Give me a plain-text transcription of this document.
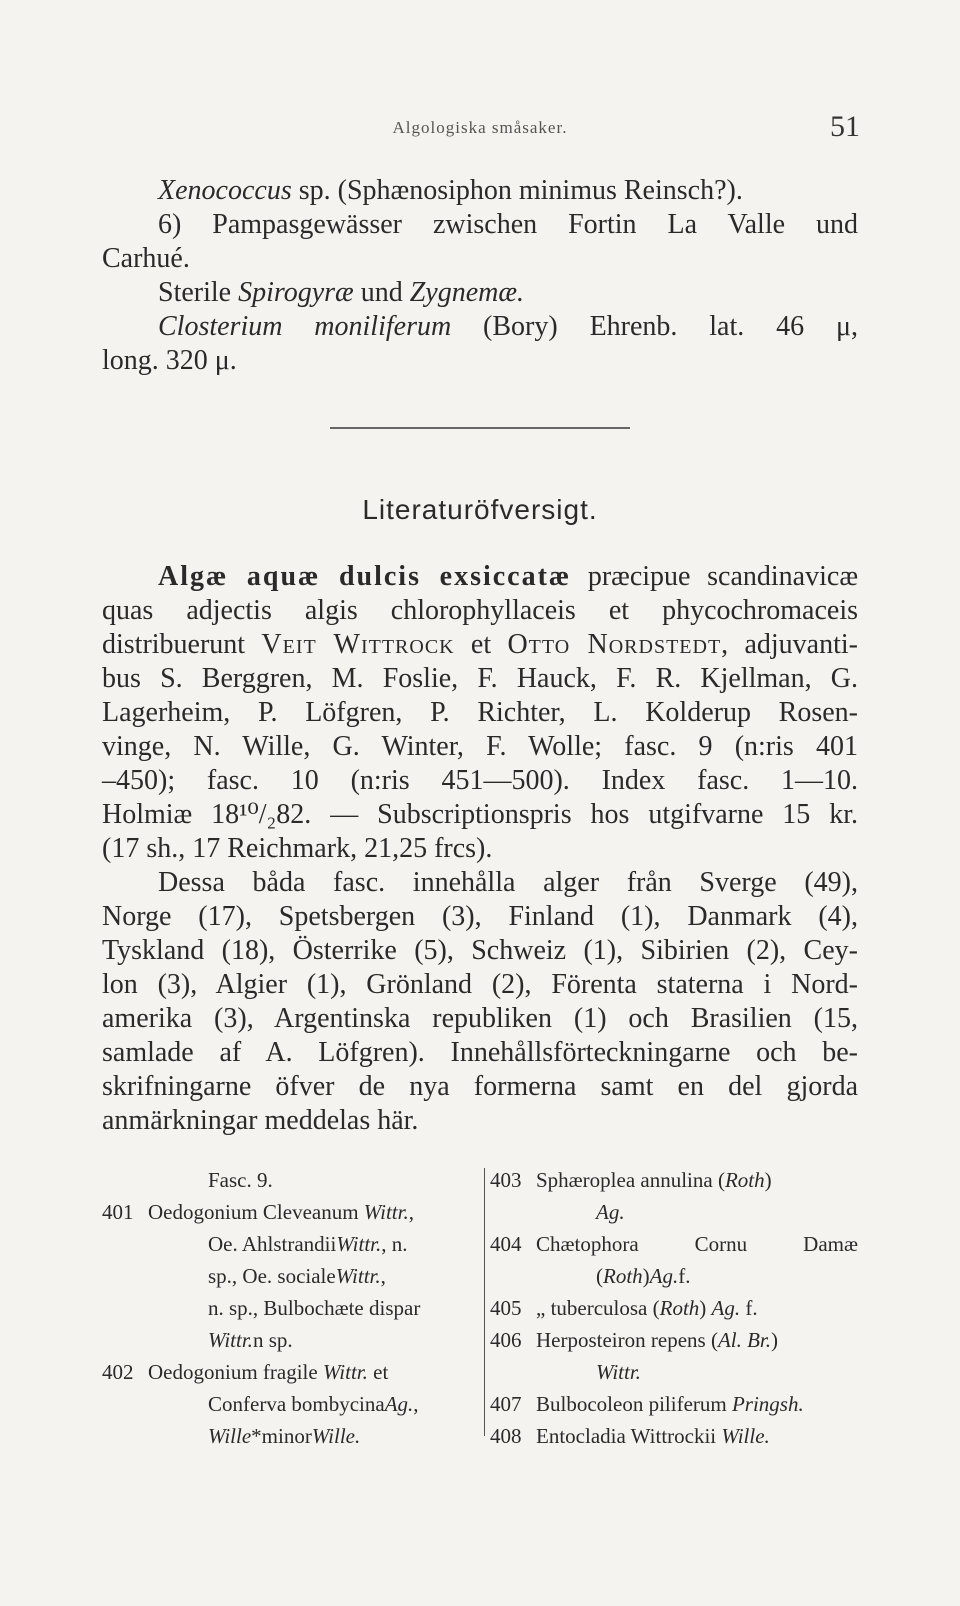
Algologiska småsaker.	51
Xenococcus sp. (Sphænosiphon minimus Reinsch?).
6) Pampasgewässer zwischen Fortin La Valle und
Carhué.
Sterile Spirogyræ und Zygnemæ.
Closterium moniliferum (Bory) Ehrenb. lat. 46 μ,
long. 320 μ.
Literaturöfversigt.
Algæ aquæ dulcis exsiccatæ præcipue scandinavicæ
quas adjectis algis chlorophyllaceis et phycochromaceis
distribuerunt Veit Wittrock et Otto Nordstedt, adjuvanti-
bus S. Berggren, M. Foslie, F. Hauck, F. R. Kjellman, G.
Lagerheim, P. Löfgren, P. Richter, L. Kolderup Rosen-
vinge, N. Wille, G. Winter, F. Wolle; fasc. 9 (n:ris 401
–450); fasc. 10 (n:ris 451—500). Index fasc. 1—10.
Holmiæ 18¹⁰/₂82. — Subscriptionspris hos utgifvarne 15 kr.
(17 sh., 17 Reichmark, 21,25 frcs).
Dessa båda fasc. innehålla alger från Sverge (49),
Norge (17), Spetsbergen (3), Finland (1), Danmark (4),
Tyskland (18), Österrike (5), Schweiz (1), Sibirien (2), Cey-
lon (3), Algier (1), Grönland (2), Förenta staterna i Nord-
amerika (3), Argentinska republiken (1) och Brasilien (15,
samlade af A. Löfgren). Innehållsförteckningarne och be-
skrifningarne öfver de nya formerna samt en del gjorda
anmärkningar meddelas här.
Fasc. 9.
401 Oedogonium Cleveanum Wittr.,
Oe. Ahlstrandii Wittr. , n.
sp., Oe. sociale Wittr. ,
n. sp., Bulbochæte dispar
Wittr. n sp.
402 Oedogonium fragile Wittr. et
Conferva bombycina Ag. ,
Wille *minor Wille.
403 Sphæroplea annulina (Roth)
Ag.
404 Chætophora	Cornu	Damæ
( Roth ) Ag. f.
405 „ tuberculosa (Roth) Ag. f.
406 Herposteiron repens (Al. Br.)
Wittr.
407 Bulbocoleon piliferum Pringsh.
408 Entocladia Wittrockii Wille.
